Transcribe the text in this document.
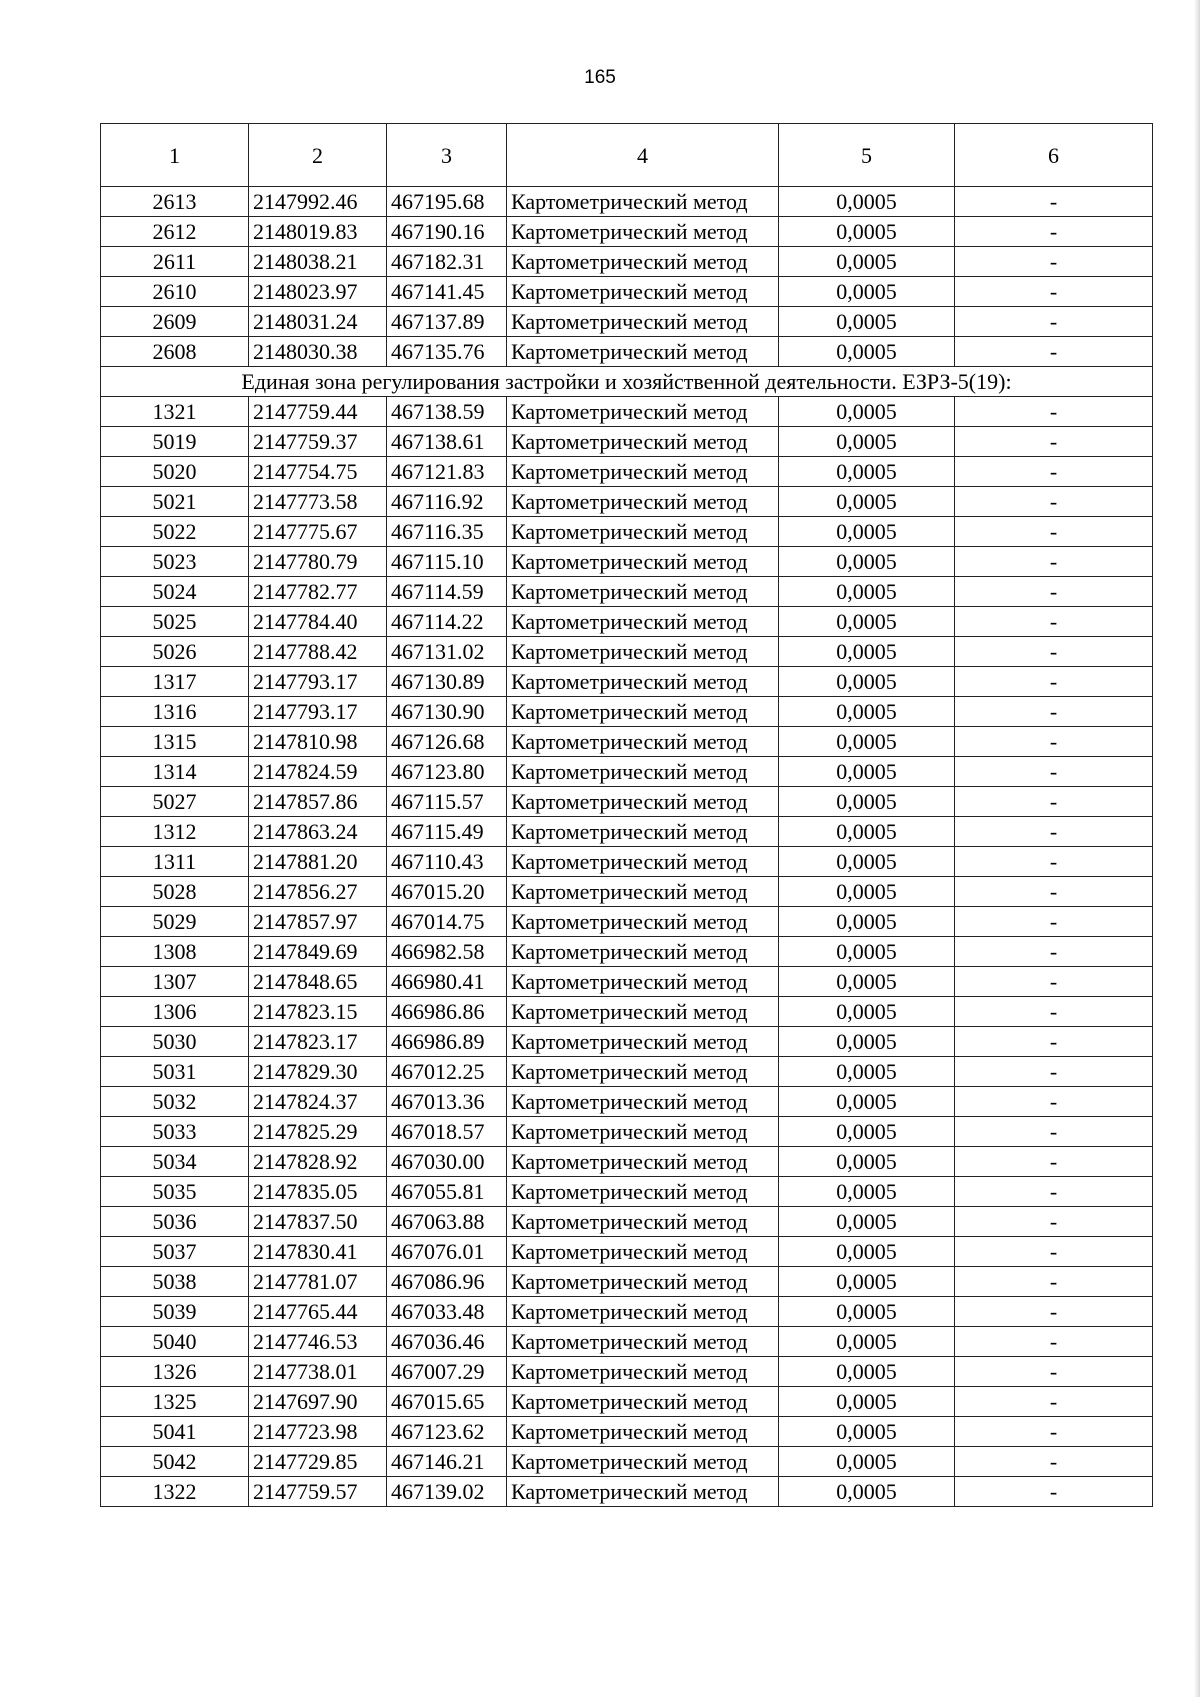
165
1	2	3	4	5	6
2613	2147992.46	467195.68	Картометрический метод	0,0005	-
2612	2148019.83	467190.16	Картометрический метод	0,0005	-
2611	2148038.21	467182.31	Картометрический метод	0,0005	-
2610	2148023.97	467141.45	Картометрический метод	0,0005	-
2609	2148031.24	467137.89	Картометрический метод	0,0005	-
2608	2148030.38	467135.76	Картометрический метод	0,0005	-
Единая зона регулирования застройки и хозяйственной деятельности. ЕЗРЗ-5(19):					
1321	2147759.44	467138.59	Картометрический метод	0,0005	-
5019	2147759.37	467138.61	Картометрический метод	0,0005	-
5020	2147754.75	467121.83	Картометрический метод	0,0005	-
5021	2147773.58	467116.92	Картометрический метод	0,0005	-
5022	2147775.67	467116.35	Картометрический метод	0,0005	-
5023	2147780.79	467115.10	Картометрический метод	0,0005	-
5024	2147782.77	467114.59	Картометрический метод	0,0005	-
5025	2147784.40	467114.22	Картометрический метод	0,0005	-
5026	2147788.42	467131.02	Картометрический метод	0,0005	-
1317	2147793.17	467130.89	Картометрический метод	0,0005	-
1316	2147793.17	467130.90	Картометрический метод	0,0005	-
1315	2147810.98	467126.68	Картометрический метод	0,0005	-
1314	2147824.59	467123.80	Картометрический метод	0,0005	-
5027	2147857.86	467115.57	Картометрический метод	0,0005	-
1312	2147863.24	467115.49	Картометрический метод	0,0005	-
1311	2147881.20	467110.43	Картометрический метод	0,0005	-
5028	2147856.27	467015.20	Картометрический метод	0,0005	-
5029	2147857.97	467014.75	Картометрический метод	0,0005	-
1308	2147849.69	466982.58	Картометрический метод	0,0005	-
1307	2147848.65	466980.41	Картометрический метод	0,0005	-
1306	2147823.15	466986.86	Картометрический метод	0,0005	-
5030	2147823.17	466986.89	Картометрический метод	0,0005	-
5031	2147829.30	467012.25	Картометрический метод	0,0005	-
5032	2147824.37	467013.36	Картометрический метод	0,0005	-
5033	2147825.29	467018.57	Картометрический метод	0,0005	-
5034	2147828.92	467030.00	Картометрический метод	0,0005	-
5035	2147835.05	467055.81	Картометрический метод	0,0005	-
5036	2147837.50	467063.88	Картометрический метод	0,0005	-
5037	2147830.41	467076.01	Картометрический метод	0,0005	-
5038	2147781.07	467086.96	Картометрический метод	0,0005	-
5039	2147765.44	467033.48	Картометрический метод	0,0005	-
5040	2147746.53	467036.46	Картометрический метод	0,0005	-
1326	2147738.01	467007.29	Картометрический метод	0,0005	-
1325	2147697.90	467015.65	Картометрический метод	0,0005	-
5041	2147723.98	467123.62	Картометрический метод	0,0005	-
5042	2147729.85	467146.21	Картометрический метод	0,0005	-
1322	2147759.57	467139.02	Картометрический метод	0,0005	-
